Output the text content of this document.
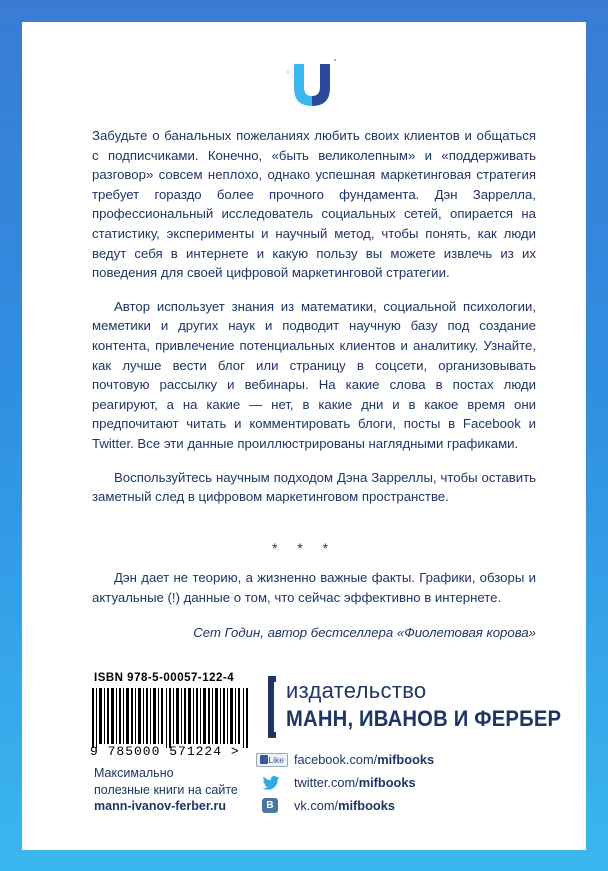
Забудьте о банальных пожеланиях любить своих клиентов и общаться с подписчиками. Конечно, «быть великолепным» и «поддерживать разговор» совсем неплохо, однако успешная маркетинговая стратегия требует гораздо более прочного фундамента. Дэн Заррелла, профессиональный исследователь социальных сетей, опирается на статистику, эксперименты и научный метод, чтобы понять, как люди ведут себя в интернете и какую пользу вы можете извлечь из их поведения для своей цифровой маркетинговой стратегии.

Автор использует знания из математики, социальной психологии, меметики и других наук и подводит научную базу под создание контента, привлечение потенциальных клиентов и аналитику. Узнайте, как лучше вести блог или страницу в соцсети, организовывать почтовую рассылку и вебинары. На какие слова в постах люди реагируют, а на какие — нет, в какие дни и в какое время они предпочитают читать и комментировать блоги, посты в Facebook и Twitter. Все эти данные проиллюстрированы наглядными графиками.

Воспользуйтесь научным подходом Дэна Зарреллы, чтобы оставить заметный след в цифровом маркетинговом пространстве.

* * *

Дэн дает не теорию, а жизненно важные факты. Графики, обзоры и актуальные (!) данные о том, что сейчас эффективно в интернете.

Сет Годин, автор бестселлера «Фиолетовая корова»
ISBN 978-5-00057-122-4
9 785000 571224 >
Максимально
полезные книги на сайте
mann-ivanov-ferber.ru
издательство
МАНН, ИВАНОВ И ФЕРБЕР
Like facebook.com/mifbooks
twitter.com/mifbooks
B	vk.com/mifbooks
